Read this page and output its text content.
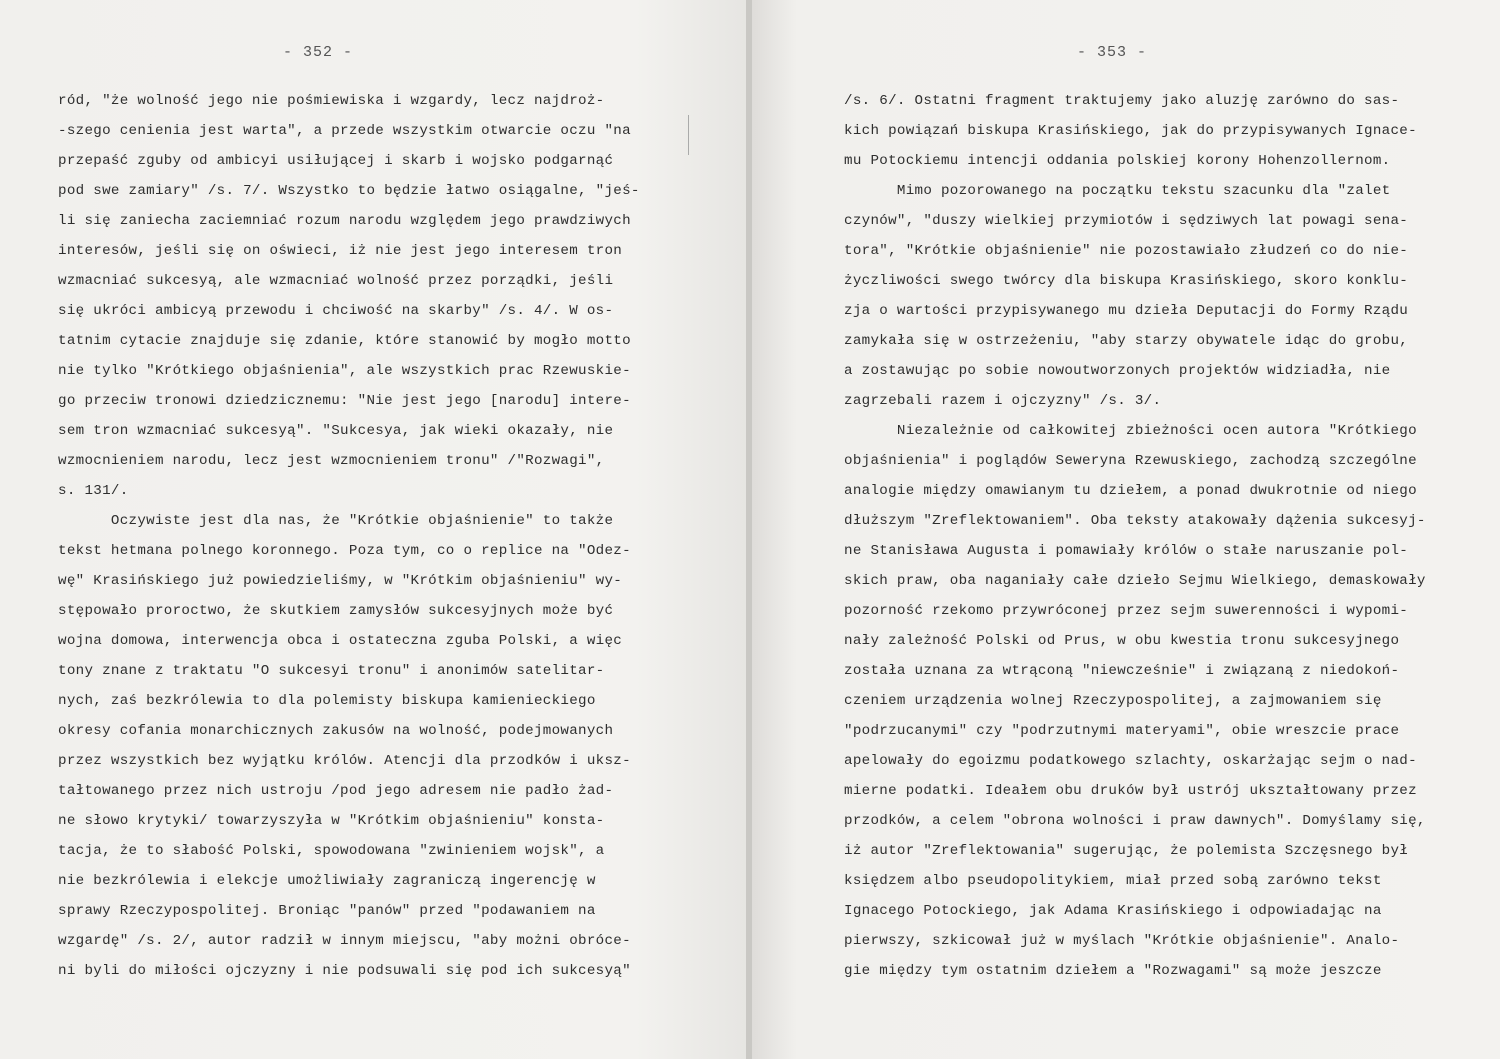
- 352 -
ród, "że wolność jego nie pośmiewiska i wzgardy, lecz najdroż-
-szego cenienia jest warta", a przede wszystkim otwarcie oczu "na
przepaść zguby od ambicyi usiłującej i skarb i wojsko podgarnąć
pod swe zamiary" /s. 7/. Wszystko to będzie łatwo osiągalne, "jeś-
li się zaniecha zaciemniać rozum narodu względem jego prawdziwych
interesów, jeśli się on oświeci, iż nie jest jego interesem tron
wzmacniać sukcesyą, ale wzmacniać wolność przez porządki, jeśli
się ukróci ambicyą przewodu i chciwość na skarby" /s. 4/. W os-
tatnim cytacie znajduje się zdanie, które stanowić by mogło motto
nie tylko "Krótkiego objaśnienia", ale wszystkich prac Rzewuskie-
go przeciw tronowi dziedzicznemu: "Nie jest jego [narodu] intere-
sem tron wzmacniać sukcesyą". "Sukcesya, jak wieki okazały, nie
wzmocnieniem narodu, lecz jest wzmocnieniem tronu" /"Rozwagi",
s. 131/.
Oczywiste jest dla nas, że "Krótkie objaśnienie" to także
tekst hetmana polnego koronnego. Poza tym, co o replice na "Odez-
wę" Krasińskiego już powiedzieliśmy, w "Krótkim objaśnieniu" wy-
stępowało proroctwo, że skutkiem zamysłów sukcesyjnych może być
wojna domowa, interwencja obca i ostateczna zguba Polski, a więc
tony znane z traktatu "O sukcesyi tronu" i anonimów satelitar-
nych, zaś bezkrólewia to dla polemisty biskupa kamienieckiego
okresy cofania monarchicznych zakusów na wolność, podejmowanych
przez wszystkich bez wyjątku królów. Atencji dla przodków i uksz-
tałtowanego przez nich ustroju /pod jego adresem nie padło żad-
ne słowo krytyki/ towarzyszyła w "Krótkim objaśnieniu" konsta-
tacja, że to słabość Polski, spowodowana "zwinieniem wojsk", a
nie bezkrólewia i elekcje umożliwiały zagraniczą ingerencję w
sprawy Rzeczypospolitej. Broniąc "panów" przed "podawaniem na
wzgardę" /s. 2/, autor radził w innym miejscu, "aby możni obróce-
ni byli do miłości ojczyzny i nie podsuwali się pod ich sukcesyą"
- 353 -
/s. 6/. Ostatni fragment traktujemy jako aluzję zarówno do sas-
kich powiązań biskupa Krasińskiego, jak do przypisywanych Ignace-
mu Potockiemu intencji oddania polskiej korony Hohenzollernom.
Mimo pozorowanego na początku tekstu szacunku dla "zalet
czynów", "duszy wielkiej przymiotów i sędziwych lat powagi sena-
tora", "Krótkie objaśnienie" nie pozostawiało złudzeń co do nie-
życzliwości swego twórcy dla biskupa Krasińskiego, skoro konklu-
zja o wartości przypisywanego mu dzieła Deputacji do Formy Rządu
zamykała się w ostrzeżeniu, "aby starzy obywatele idąc do grobu,
a zostawując po sobie nowoutworzonych projektów widziadła, nie
zagrzebali razem i ojczyzny" /s. 3/.
Niezależnie od całkowitej zbieżności ocen autora "Krótkiego
objaśnienia" i poglądów Seweryna Rzewuskiego, zachodzą szczególne
analogie między omawianym tu dziełem, a ponad dwukrotnie od niego
dłuższym "Zreflektowaniem". Oba teksty atakowały dążenia sukcesyj-
ne Stanisława Augusta i pomawiały królów o stałe naruszanie pol-
skich praw, oba naganiały całe dzieło Sejmu Wielkiego, demaskowały
pozorność rzekomo przywróconej przez sejm suwerenności i wypomi-
nały zależność Polski od Prus, w obu kwestia tronu sukcesyjnego
została uznana za wtrąconą "niewcześnie" i związaną z niedokoń-
czeniem urządzenia wolnej Rzeczypospolitej, a zajmowaniem się
"podrzucanymi" czy "podrzutnymi materyami", obie wreszcie prace
apelowały do egoizmu podatkowego szlachty, oskarżając sejm o nad-
mierne podatki. Ideałem obu druków był ustrój ukształtowany przez
przodków, a celem "obrona wolności i praw dawnych". Domyślamy się,
iż autor "Zreflektowania" sugerując, że polemista Szczęsnego był
księdzem albo pseudopolitykiem, miał przed sobą zarówno tekst
Ignacego Potockiego, jak Adama Krasińskiego i odpowiadając na
pierwszy, szkicował już w myślach "Krótkie objaśnienie". Analo-
gie między tym ostatnim dziełem a "Rozwagami" są może jeszcze
